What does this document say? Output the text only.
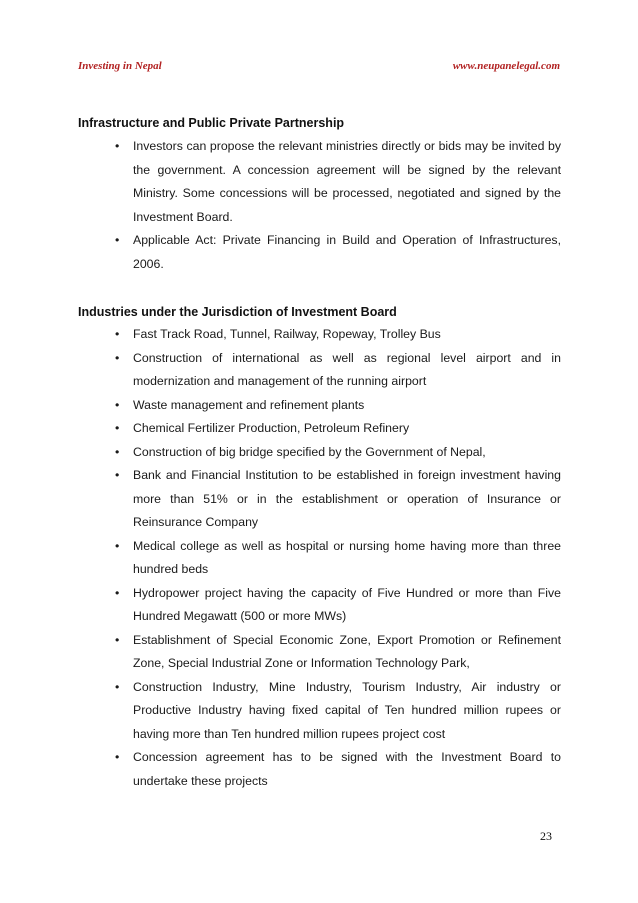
Investing in Nepal	www.neupanelegal.com
Infrastructure and Public Private Partnership
• Investors can propose the relevant ministries directly or bids may be invited by the government. A concession agreement will be signed by the relevant Ministry. Some concessions will be processed, negotiated and signed by the Investment Board.
• Applicable Act: Private Financing in Build and Operation of Infrastructures, 2006.
Industries under the Jurisdiction of Investment Board
• Fast Track Road, Tunnel, Railway, Ropeway, Trolley Bus
• Construction of international as well as regional level airport and in modernization and management of the running airport
• Waste management and refinement plants
• Chemical Fertilizer Production, Petroleum Refinery
• Construction of big bridge specified by the Government of Nepal,
• Bank and Financial Institution to be established in foreign investment having more than 51% or in the establishment or operation of Insurance or Reinsurance Company
• Medical college as well as hospital or nursing home having more than three hundred beds
• Hydropower project having the capacity of Five Hundred or more than Five Hundred Megawatt (500 or more MWs)
• Establishment of Special Economic Zone, Export Promotion or Refinement Zone, Special Industrial Zone or Information Technology Park,
• Construction Industry, Mine Industry, Tourism Industry, Air industry or Productive Industry having fixed capital of Ten hundred million rupees or having more than Ten hundred million rupees project cost
• Concession agreement has to be signed with the Investment Board to undertake these projects
23
